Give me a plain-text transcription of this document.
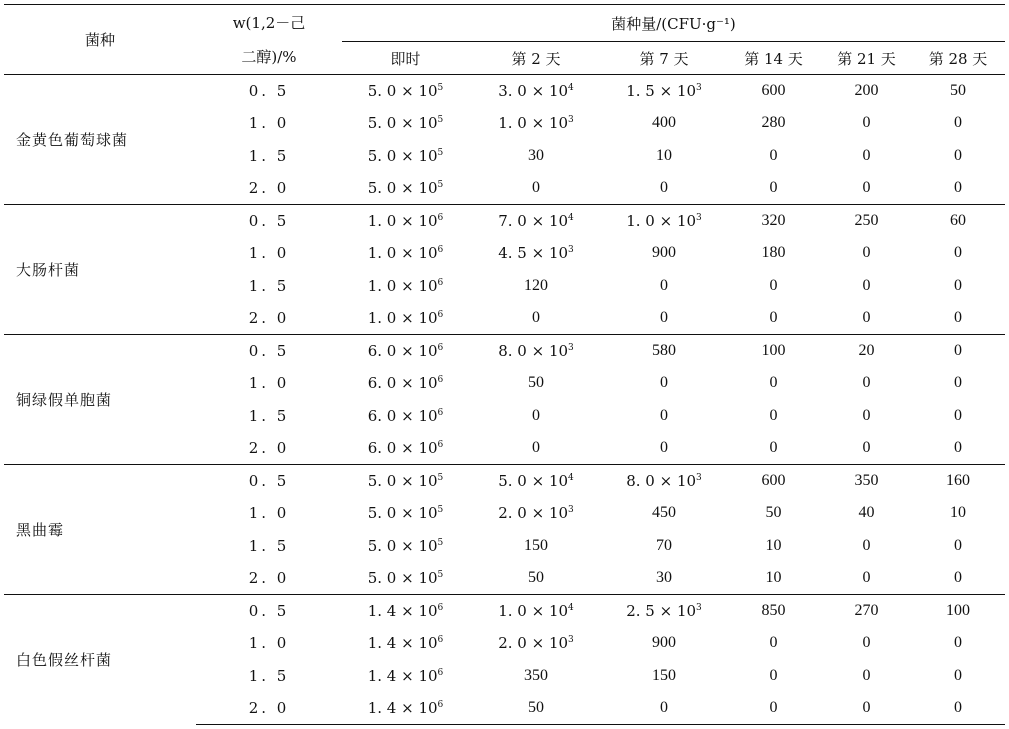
菌种	w(1,2－己
二醇)/%	菌种量/(CFU·g⁻¹)					
		即时	第 2 天	第 7 天	第 14 天	第 21 天	第 28 天
金黄色葡萄球菌	0. 5	5. $0 \times 10^5$	3. $0 \times 10^4$	1. $5 \times 10^3$	600	200	50
	1. 0	5. $0 \times 10^5$	1. $0 \times 10^3$	400	280	0	0
	1. 5	5. $0 \times 10^5$	30	10	0	0	0
	2. 0	5. $0 \times 10^5$	0	0	0	0	0
大肠杆菌	0. 5	1. $0 \times 10^6$	7. $0 \times 10^4$	1. $0 \times 10^3$	320	250	60
	1. 0	1. $0 \times 10^6$	4. $5 \times 10^3$	900	180	0	0
	1. 5	1. $0 \times 10^6$	120	0	0	0	0
	2. 0	1. $0 \times 10^6$	0	0	0	0	0
铜绿假单胞菌	0. 5	6. $0 \times 10^6$	8. $0 \times 10^3$	580	100	20	0
	1. 0	6. $0 \times 10^6$	50	0	0	0	0
	1. 5	6. $0 \times 10^6$	0	0	0	0	0
	2. 0	6. $0 \times 10^6$	0	0	0	0	0
黑曲霉	0. 5	5. $0 \times 10^5$	5. $0 \times 10^4$	8. $0 \times 10^3$	600	350	160
	1. 0	5. $0 \times 10^5$	2. $0 \times 10^3$	450	50	40	10
	1. 5	5. $0 \times 10^5$	150	70	10	0	0
	2. 0	5. $0 \times 10^5$	50	30	10	0	0
白色假丝杆菌	0. 5	1. $4 \times 10^6$	1. $0 \times 10^4$	2. $5 \times 10^3$	850	270	100
	1. 0	1. $4 \times 10^6$	2. $0 \times 10^3$	900	0	0	0
	1. 5	1. $4 \times 10^6$	350	150	0	0	0
	2. 0	1. $4 \times 10^6$	50	0	0	0	0
